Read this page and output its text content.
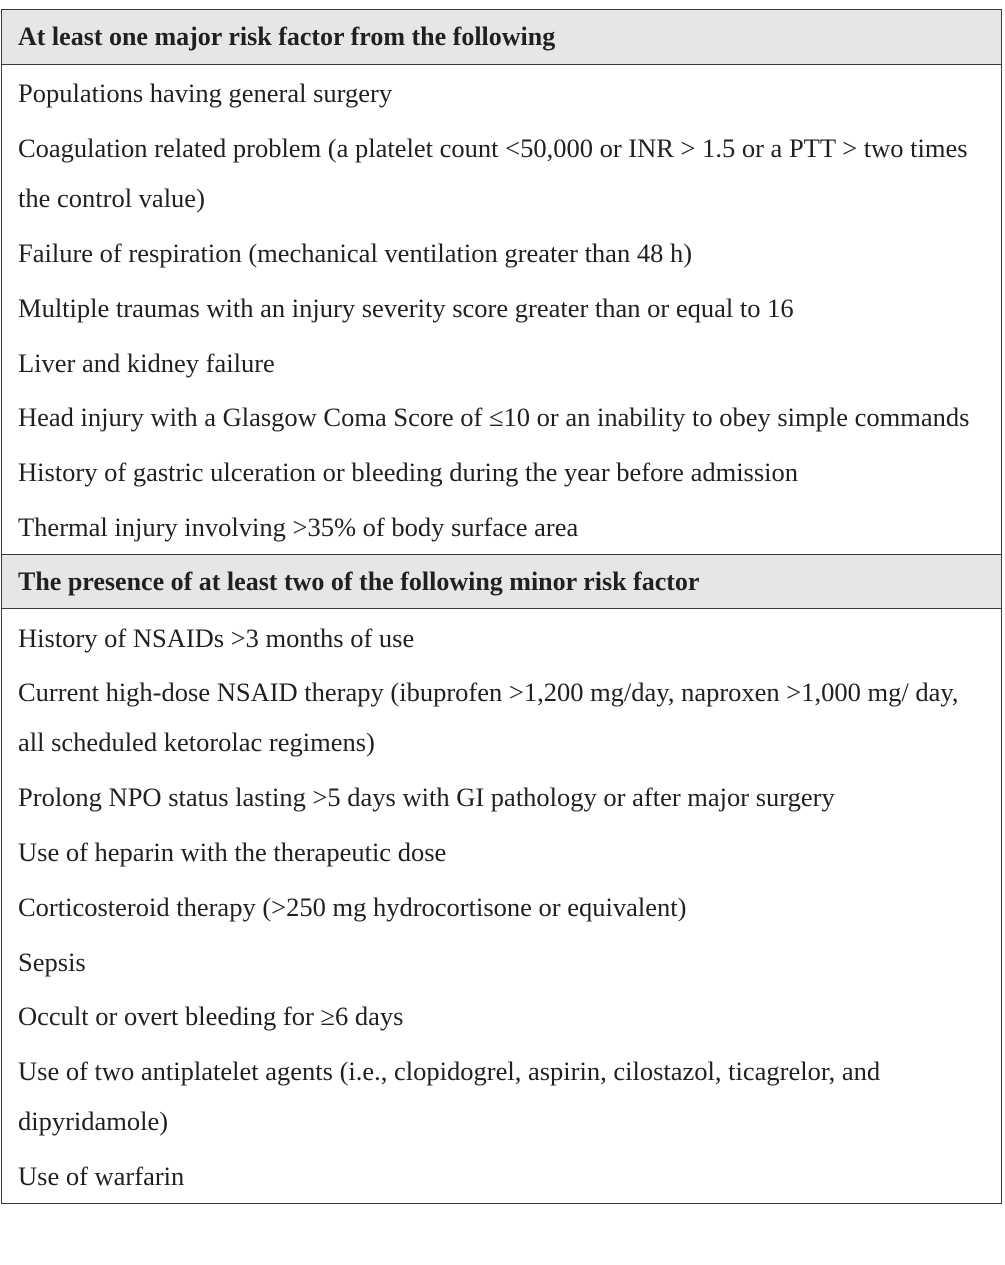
At least one major risk factor from the following
Populations having general surgery
Coagulation related problem (a platelet count <50,000 or INR > 1.5 or a PTT > two times the control value)
Failure of respiration (mechanical ventilation greater than 48 h)
Multiple traumas with an injury severity score greater than or equal to 16
Liver and kidney failure
Head injury with a Glasgow Coma Score of ≤10 or an inability to obey simple commands
History of gastric ulceration or bleeding during the year before admission
Thermal injury involving >35% of body surface area
The presence of at least two of the following minor risk factor
History of NSAIDs >3 months of use
Current high-dose NSAID therapy (ibuprofen >1,200 mg/day, naproxen >1,000 mg/ day, all scheduled ketorolac regimens)
Prolong NPO status lasting >5 days with GI pathology or after major surgery
Use of heparin with the therapeutic dose
Corticosteroid therapy (>250 mg hydrocortisone or equivalent)
Sepsis
Occult or overt bleeding for ≥6 days
Use of two antiplatelet agents (i.e., clopidogrel, aspirin, cilostazol, ticagrelor, and dipyridamole)
Use of warfarin
